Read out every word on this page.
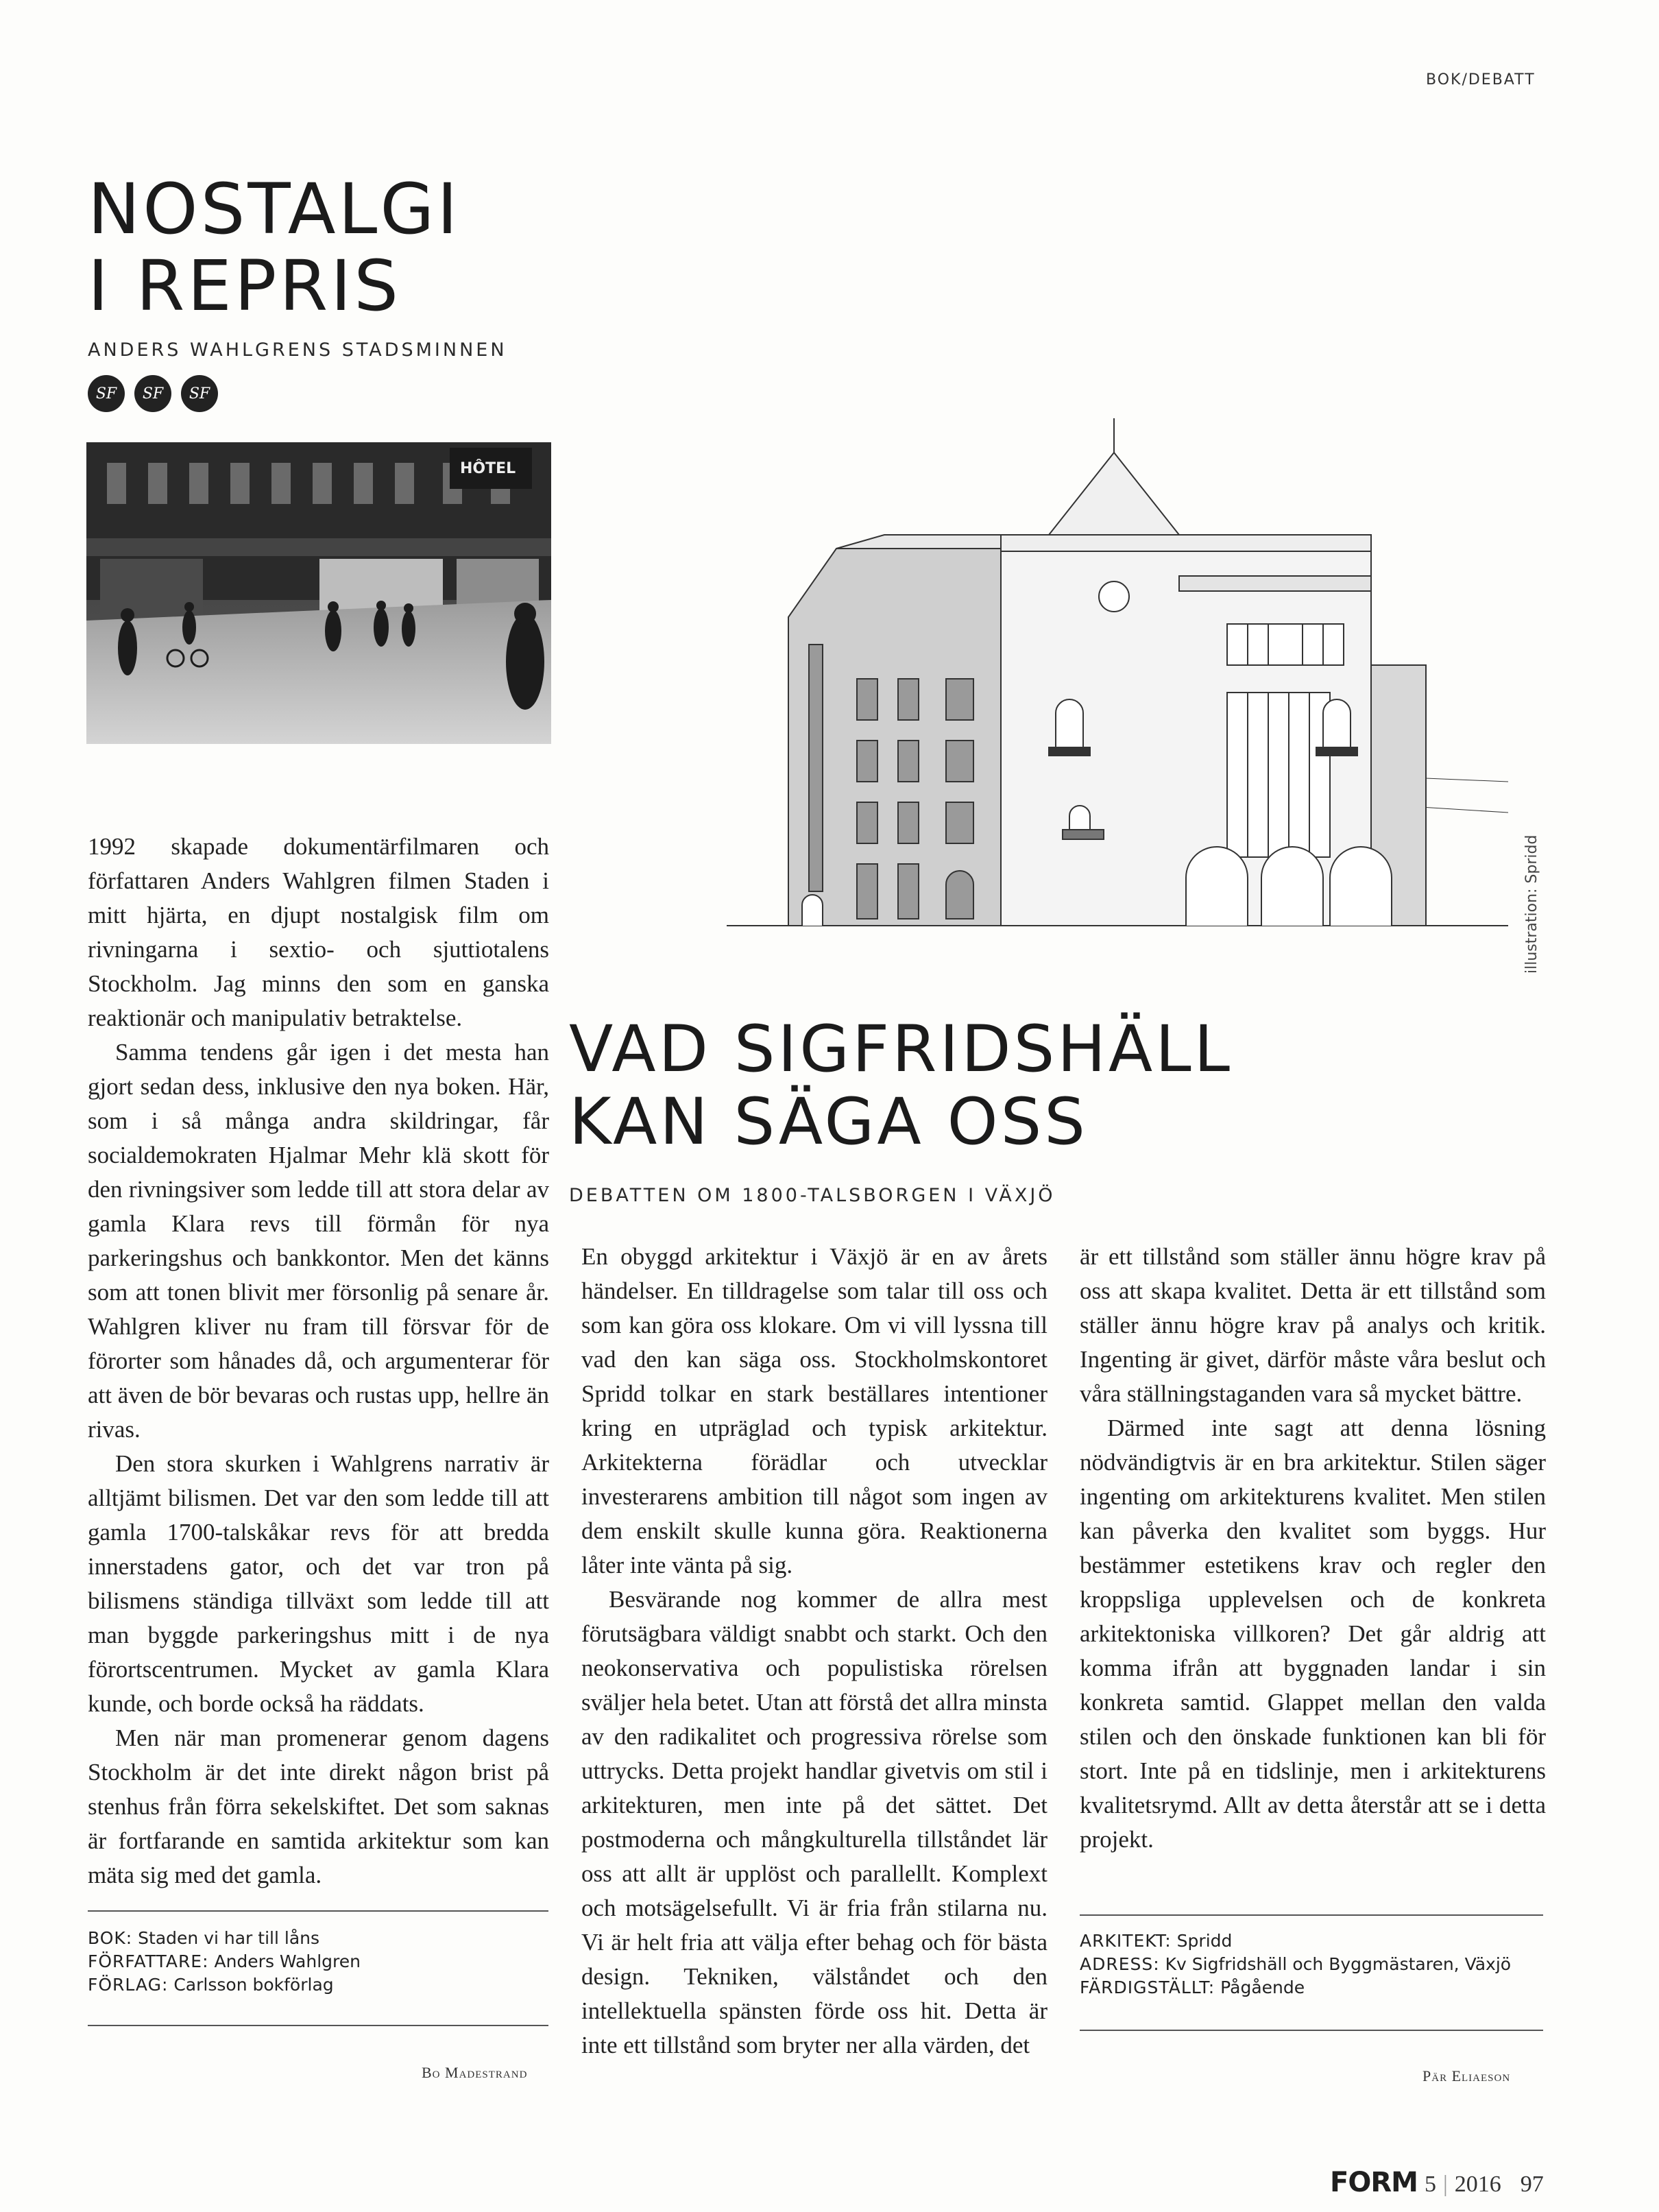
BOK/DEBATT
NOSTALGI
I REPRIS
ANDERS WAHLGRENS STADSMINNEN
SF	SF	SF
HÔTEL

1992 skapade dokumentärfilmaren och författaren Anders Wahlgren filmen Staden i mitt hjärta, en djupt nostalgisk film om rivningarna i sextio- och sjuttiotalens Stockholm. Jag minns den som en ganska reaktionär och manipulativ betraktelse.

Samma tendens går igen i det mesta han gjort sedan dess, inklusive den nya boken. Här, som i så många andra skildringar, får socialdemokraten Hjalmar Mehr klä skott för den rivningsiver som ledde till att stora delar av gamla Klara revs till förmån för nya parkeringshus och bankkontor. Men det känns som att tonen blivit mer försonlig på senare år. Wahlgren kliver nu fram till försvar för de förorter som hånades då, och argumenterar för att även de bör bevaras och rustas upp, hellre än rivas.

Den stora skurken i Wahlgrens narrativ är alltjämt bilismen. Det var den som ledde till att gamla 1700-talskåkar revs för att bredda innerstadens gator, och det var tron på bilismens ständiga tillväxt som ledde till att man byggde parkeringshus mitt i de nya förortscentrumen. Mycket av gamla Klara kunde, och borde också ha räddats.

Men när man promenerar genom dagens Stockholm är det inte direkt någon brist på stenhus från förra sekelskiftet. Det som saknas är fortfarande en samtida arkitektur som kan mäta sig med det gamla.

BOK: Staden vi har till låns
FÖRFATTARE: Anders Wahlgren
FÖRLAG: Carlsson bokförlag
Bo Madestrand
illustration: Spridd
VAD SIGFRIDSHÄLL
KAN SÄGA OSS
DEBATTEN OM 1800-TALSBORGEN I VÄXJÖ

En obyggd arkitektur i Växjö är en av årets händelser. En tilldragelse som talar till oss och som kan göra oss klokare. Om vi vill lyssna till vad den kan säga oss. Stockholmskontoret Spridd tolkar en stark beställares intentioner kring en utpräglad och typisk arkitektur. Arkitekterna förädlar och utvecklar investerarens ambition till något som ingen av dem enskilt skulle kunna göra. Reaktionerna låter inte vänta på sig.

Besvärande nog kommer de allra mest förutsägbara väldigt snabbt och starkt. Och den neokonservativa och populistiska rörelsen sväljer hela betet. Utan att förstå det allra minsta av den radikalitet och progressiva rörelse som uttrycks. Detta projekt handlar givetvis om stil i arkitekturen, men inte på det sättet. Det postmoderna och mångkulturella tillståndet lär oss att allt är upplöst och parallellt. Komplext och motsägelsefullt. Vi är fria från stilarna nu. Vi är helt fria att välja efter behag och för bästa design. Tekniken, välståndet och den intellektuella spänsten förde oss hit. Detta är inte ett tillstånd som bryter ner alla värden, det

är ett tillstånd som ställer ännu högre krav på oss att skapa kvalitet. Detta är ett tillstånd som ställer ännu högre krav på analys och kritik. Ingenting är givet, därför måste våra beslut och våra ställningstaganden vara så mycket bättre.

Därmed inte sagt att denna lösning nödvändigtvis är en bra arkitektur. Stilen säger ingenting om arkitekturens kvalitet. Men stilen kan påverka den kvalitet som byggs. Hur bestämmer estetikens krav och regler den kroppsliga upplevelsen och de konkreta arkitektoniska villkoren? Det går aldrig att komma ifrån att byggnaden landar i sin konkreta samtid. Glappet mellan den valda stilen och den önskade funktionen kan bli för stort. Inte på en tidslinje, men i arkitekturens kvalitetsrymd. Allt av detta återstår att se i detta projekt.

ARKITEKT: Spridd
ADRESS: Kv Sigfridshäll och Byggmästaren, Växjö
FÄRDIGSTÄLLT: Pågående
Pär Eliaeson
FORM 5 | 2016 97
